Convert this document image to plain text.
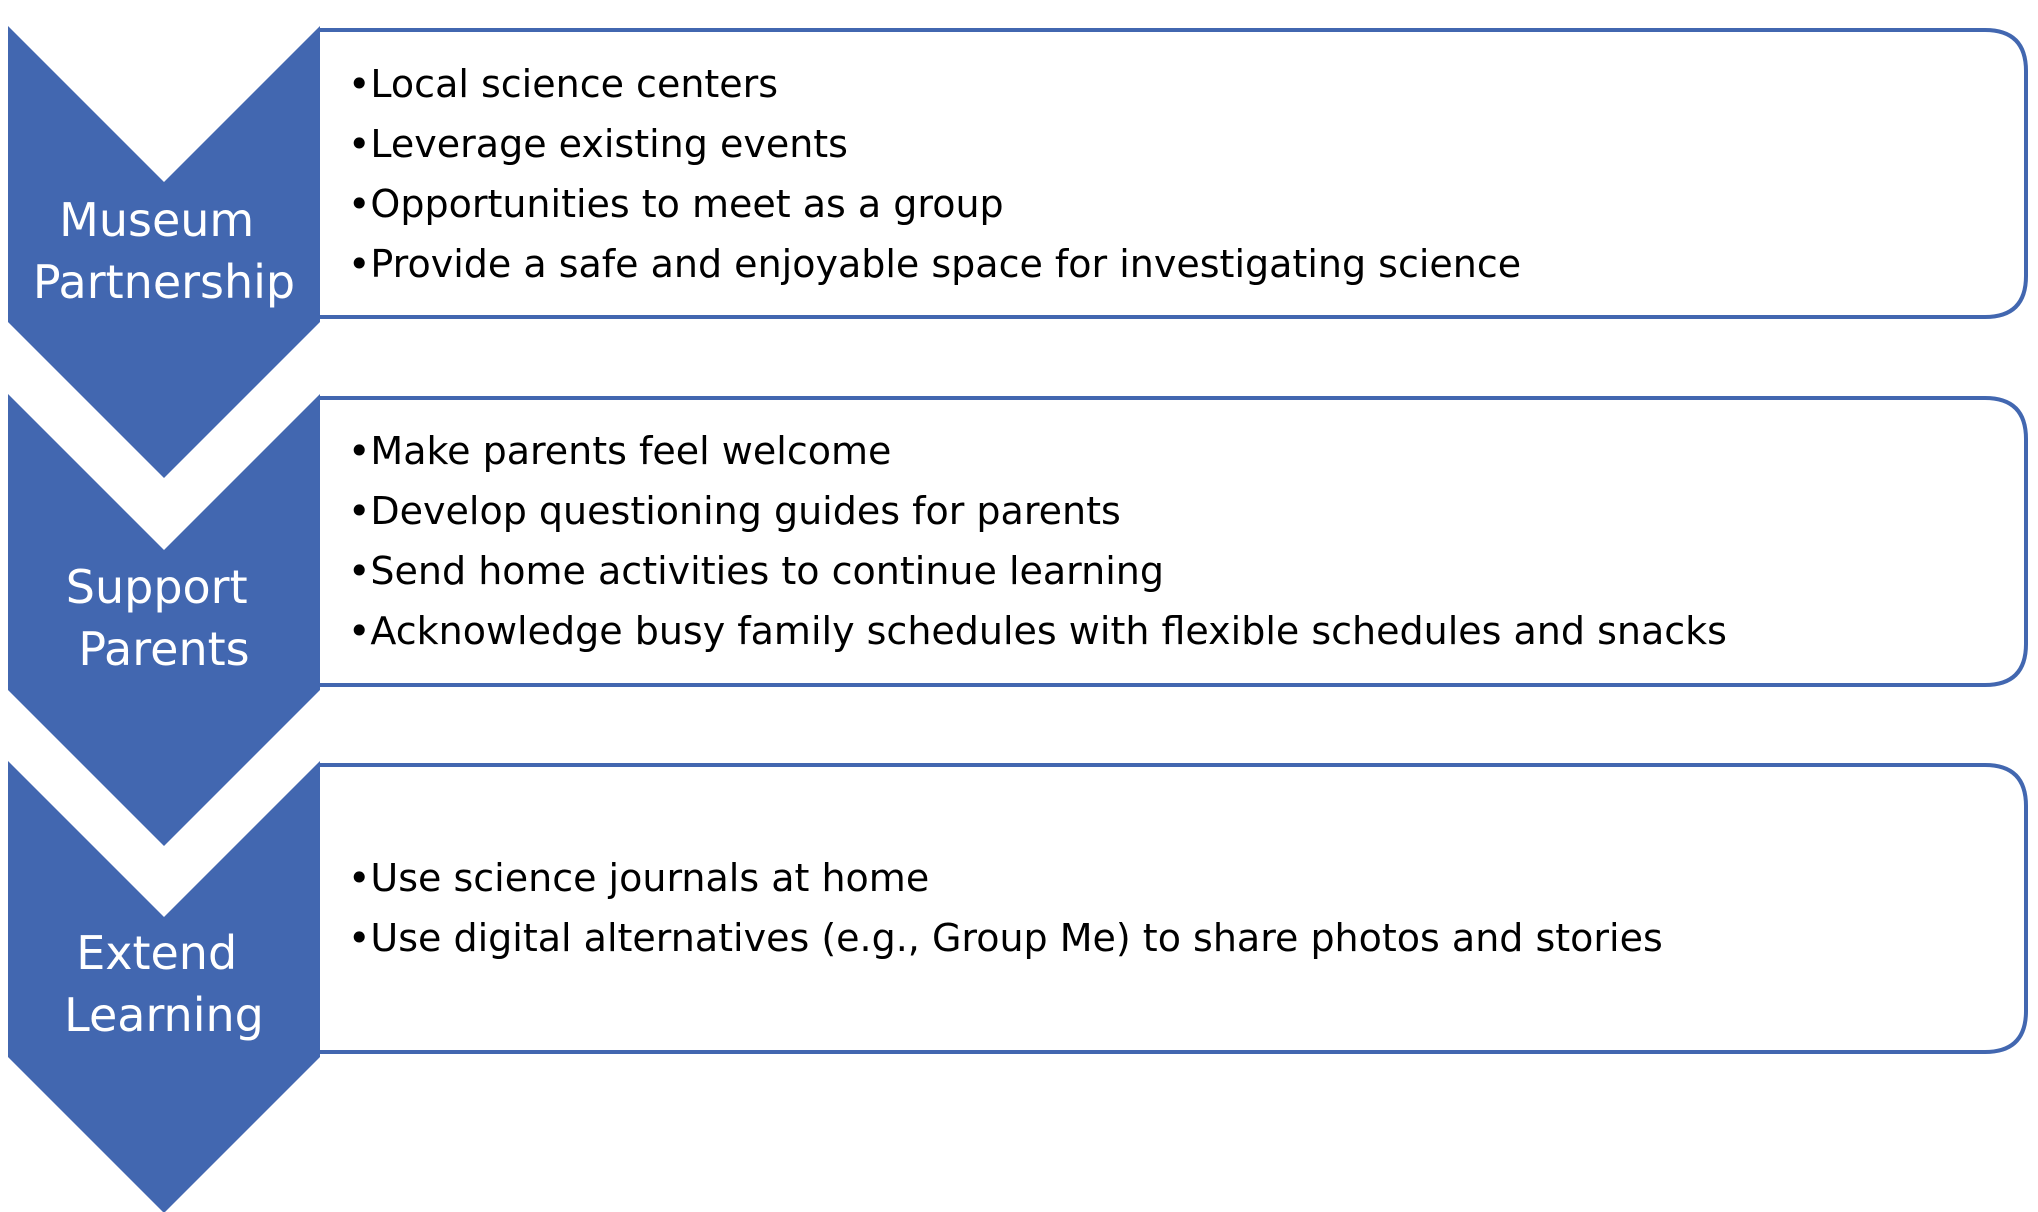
Museum Partnership
•Local science centers
•Leverage existing events
•Opportunities to meet as a group
•Provide a safe and enjoyable space for investigating science
Support Parents
•Make parents feel welcome
•Develop questioning guides for parents
•Send home activities to continue learning
•Acknowledge busy family schedules with flexible schedules and snacks
Extend Learning
•Use science journals at home
•Use digital alternatives (e.g., Group Me) to share photos and stories
